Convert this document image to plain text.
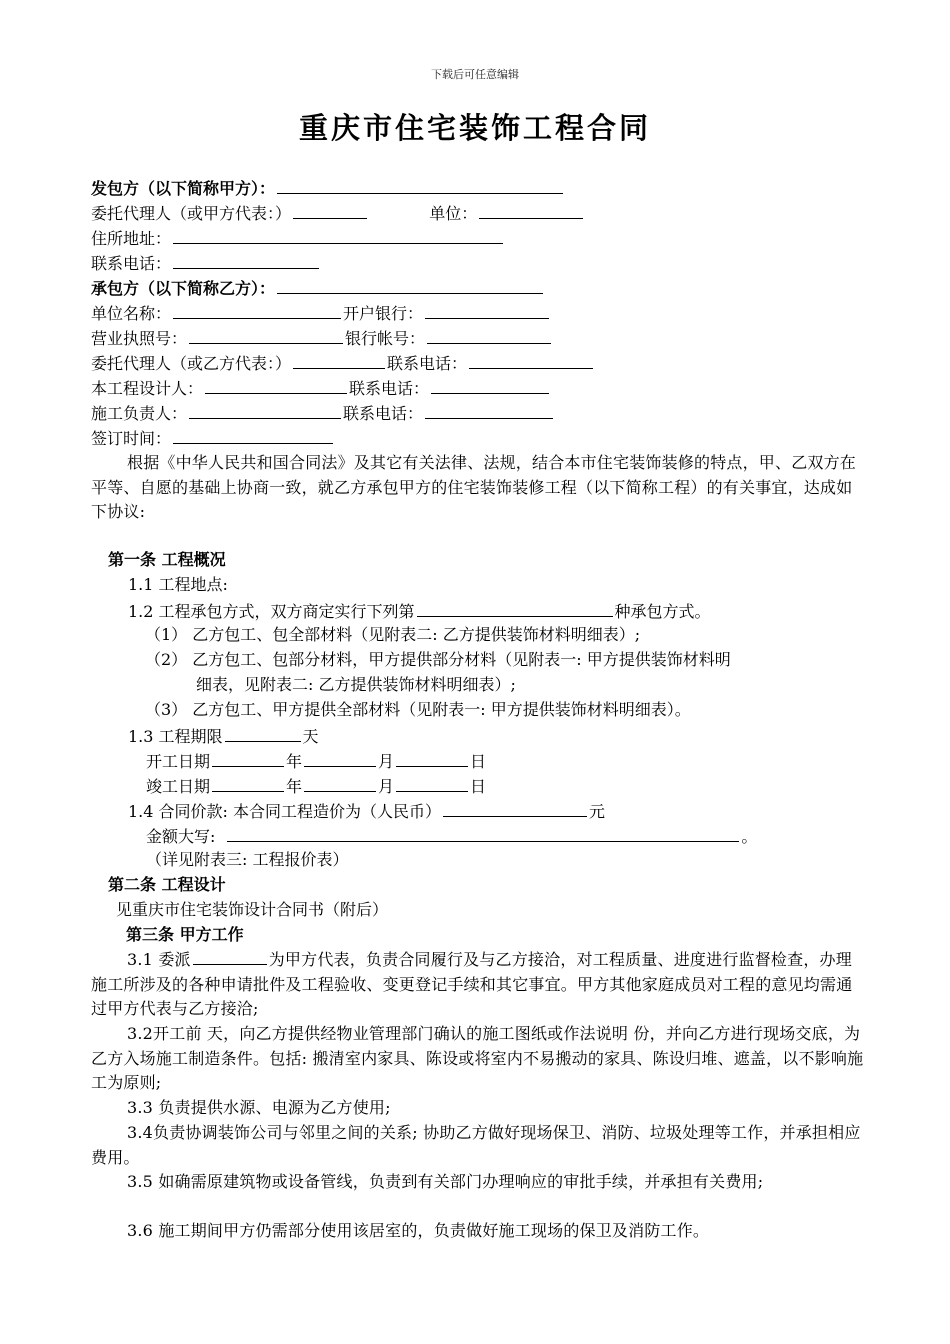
下载后可任意编辑
重庆市住宅装饰工程合同
发包方（以下简称甲方）：
委托代理人（或甲方代表：）	单位：
住所地址：
联系电话：
承包方（以下简称乙方）：
单位名称：	开户银行：
营业执照号：	银行帐号：
委托代理人（或乙方代表：）	联系电话：
本工程设计人：	联系电话：
施工负责人：	联系电话：
签订时间：
根据《中华人民共和国合同法》及其它有关法律、法规，结合本市住宅装饰装修的特点，甲、乙双方在平等、自愿的基础上协商一致，就乙方承包甲方的住宅装饰装修工程（以下简称工程）的有关事宜，达成如下协议:
第一条 工程概况
1.1 工程地点:
1.2 工程承包方式，双方商定实行下列第	种承包方式。
（1） 乙方包工、包全部材料（见附表二: 乙方提供装饰材料明细表）;
（2） 乙方包工、包部分材料，甲方提供部分材料（见附表一: 甲方提供装饰材料明
细表，见附表二: 乙方提供装饰材料明细表）;
（3） 乙方包工、甲方提供全部材料（见附表一: 甲方提供装饰材料明细表）。
1.3 工程期限	天
开工日期	年	月	日
竣工日期	年	月	日
1.4 合同价款: 本合同工程造价为（人民币）	元
金额大写:	。
（详见附表三: 工程报价表）
第二条 工程设计
见重庆市住宅装饰设计合同书（附后）
第三条 甲方工作
3.1 委派	为甲方代表，负责合同履行及与乙方接洽，对工程质量、进度进行监督检查，办理施工所涉及的各种申请批件及工程验收、变更登记手续和其它事宜。甲方其他家庭成员对工程的意见均需通过甲方代表与乙方接洽;
3.2开工前 天，向乙方提供经物业管理部门确认的施工图纸或作法说明 份，并向乙方进行现场交底，为乙方入场施工制造条件。包括: 搬清室内家具、陈设或将室内不易搬动的家具、陈设归堆、遮盖，以不影响施工为原则;
3.3 负责提供水源、电源为乙方使用;
3.4负责协调装饰公司与邻里之间的关系; 协助乙方做好现场保卫、消防、垃圾处理等工作，并承担相应费用。
3.5 如确需原建筑物或设备管线，负责到有关部门办理响应的审批手续，并承担有关费用;
3.6 施工期间甲方仍需部分使用该居室的，负责做好施工现场的保卫及消防工作。
